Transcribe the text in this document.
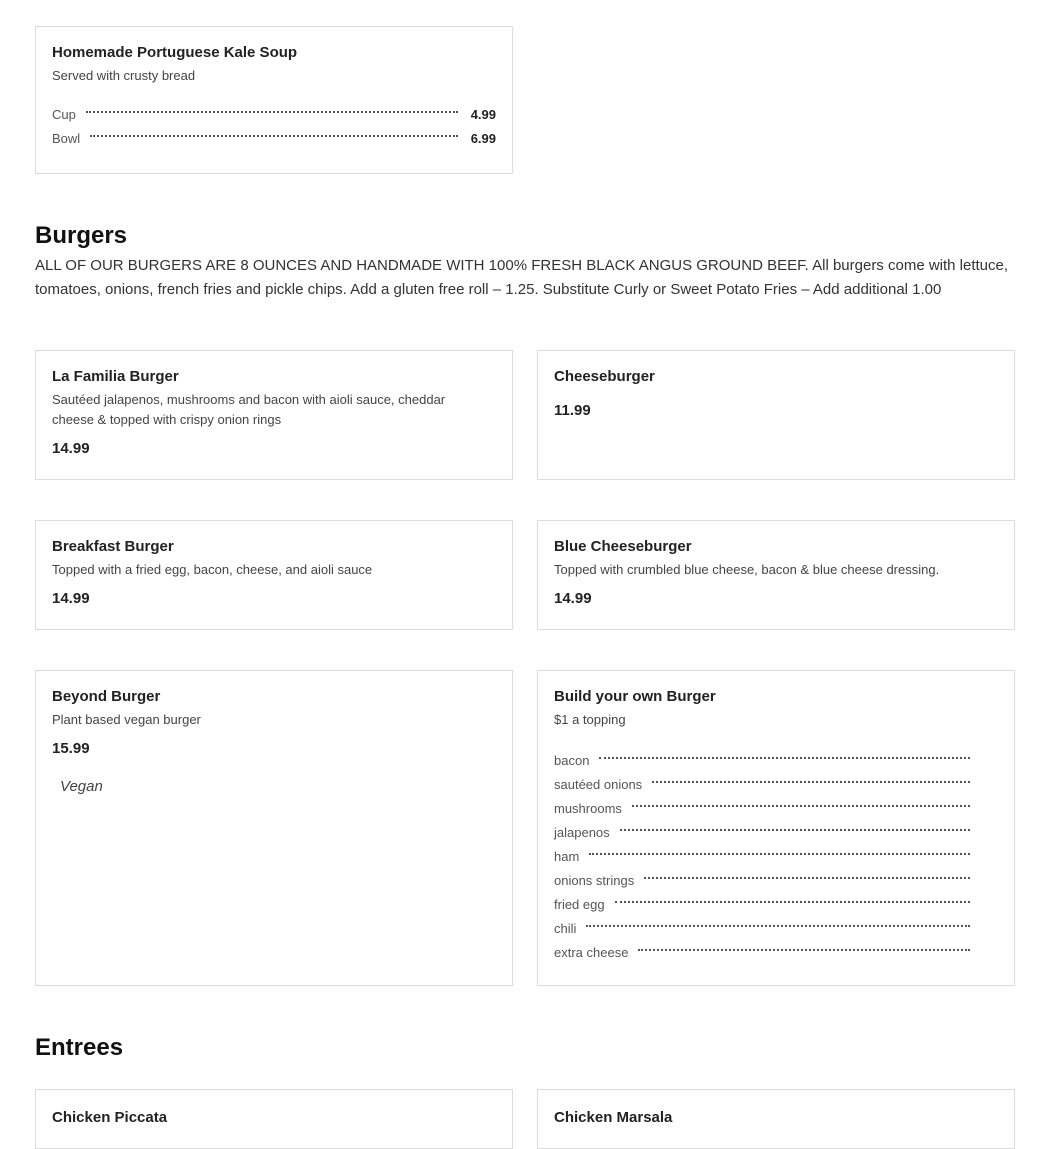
Homemade Portuguese Kale Soup
Served with crusty bread
Cup	4.99
Bowl	6.99
Burgers
ALL OF OUR BURGERS ARE 8 OUNCES AND HANDMADE WITH 100% FRESH BLACK ANGUS GROUND BEEF. All burgers come with lettuce, tomatoes, onions, french fries and pickle chips. Add a gluten free roll – 1.25. Substitute Curly or Sweet Potato Fries – Add additional 1.00
La Familia Burger
Sautéed jalapenos, mushrooms and bacon with aioli sauce, cheddar cheese & topped with crispy onion rings
14.99
Cheeseburger
11.99
Breakfast Burger
Topped with a fried egg, bacon, cheese, and aioli sauce
14.99
Blue Cheeseburger
Topped with crumbled blue cheese, bacon & blue cheese dressing.
14.99
Beyond Burger
Plant based vegan burger
15.99
Vegan
Build your own Burger
$1 a topping
bacon
sautéed onions
mushrooms
jalapenos
ham
onions strings
fried egg
chili
extra cheese
Entrees
Chicken Piccata	Chicken Marsala
